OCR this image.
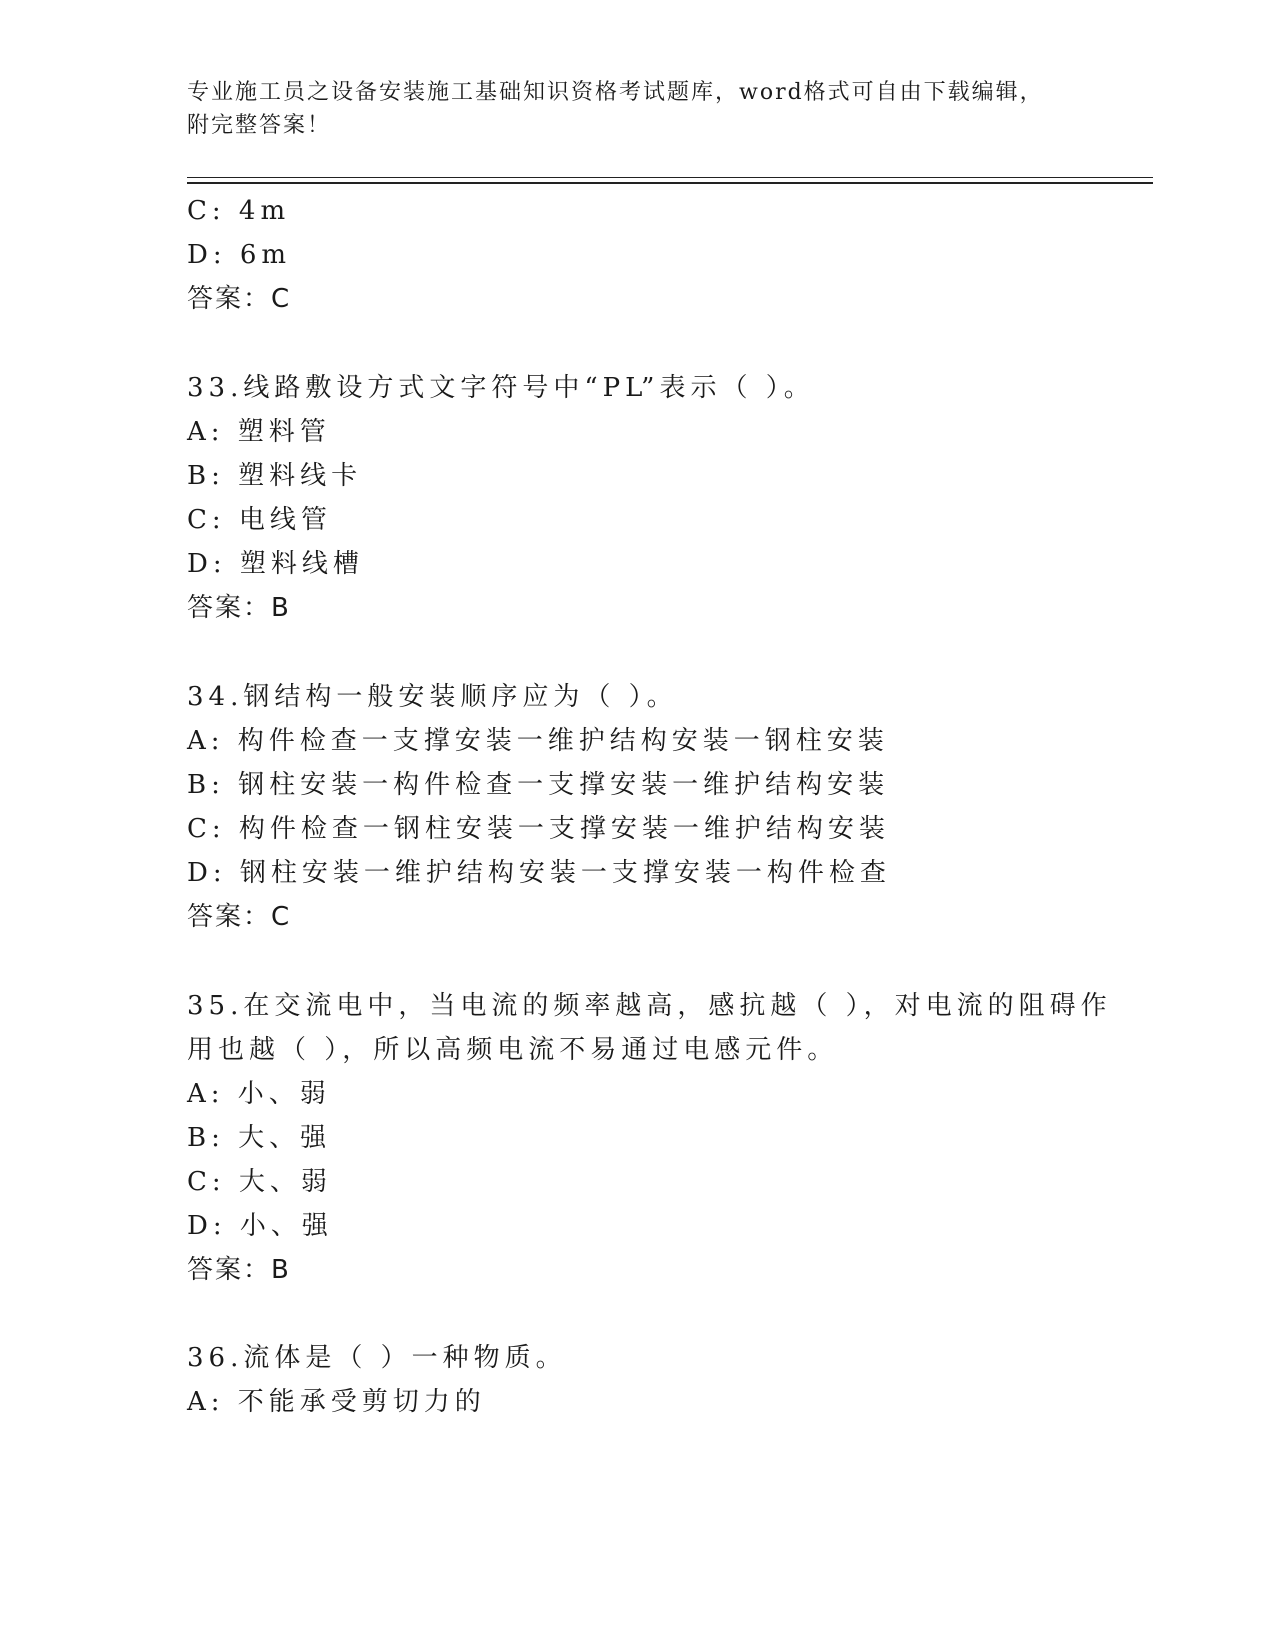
专业施工员之设备安装施工基础知识资格考试题库，word格式可自由下载编辑，
附完整答案！
C: 4m
D: 6m
答案：C
33.线路敷设方式文字符号中“PL”表示（ ）。
A: 塑料管
B: 塑料线卡
C: 电线管
D: 塑料线槽
答案：B
34.钢结构一般安装顺序应为（ ）。
A: 构件检查一支撑安装一维护结构安装一钢柱安装
B: 钢柱安装一构件检查一支撑安装一维护结构安装
C: 构件检查一钢柱安装一支撑安装一维护结构安装
D: 钢柱安装一维护结构安装一支撑安装一构件检查
答案：C
35.在交流电中，当电流的频率越高，感抗越（ ），对电流的阻碍作
用也越（ ），所以高频电流不易通过电感元件。
A: 小、弱
B: 大、强
C: 大、弱
D: 小、强
答案：B
36.流体是（ ）一种物质。
A: 不能承受剪切力的
